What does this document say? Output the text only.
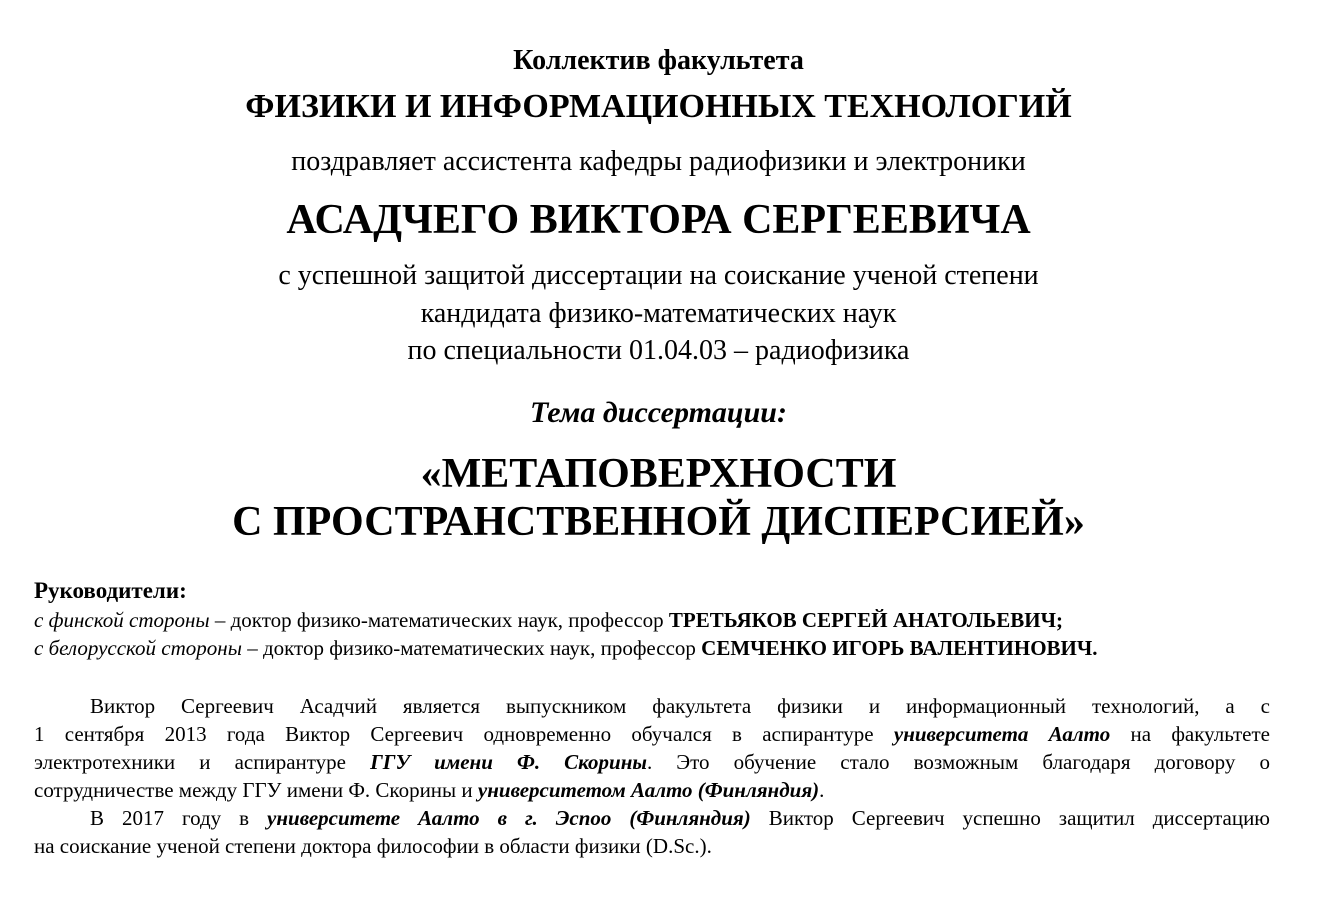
Коллектив факультета
ФИЗИКИ И ИНФОРМАЦИОННЫХ ТЕХНОЛОГИЙ
поздравляет ассистента кафедры радиофизики и электроники
АСАДЧЕГО ВИКТОРА СЕРГЕЕВИЧА
с успешной защитой диссертации на соискание ученой степени
кандидата физико-математических наук
по специальности 01.04.03 – радиофизика
Тема диссертации:
«МЕТАПОВЕРХНОСТИ
С ПРОСТРАНСТВЕННОЙ ДИСПЕРСИЕЙ»
Руководители:
с финской стороны – доктор физико-математических наук, профессор ТРЕТЬЯКОВ СЕРГЕЙ АНАТОЛЬЕВИЧ;
с белорусской стороны – доктор физико-математических наук, профессор СЕМЧЕНКО ИГОРЬ ВАЛЕНТИНОВИЧ.
Виктор Сергеевич Асадчий является выпускником факультета физики и информационный технологий, а с
1 сентября 2013 года Виктор Сергеевич одновременно обучался в аспирантуре университета Аалто на факультете
электротехники и аспирантуре ГГУ имени Ф. Скорины. Это обучение стало возможным благодаря договору о
сотрудничестве между ГГУ имени Ф. Скорины и университетом Аалто (Финляндия).
В 2017 году в университете Аалто в г. Эспоо (Финляндия) Виктор Сергеевич успешно защитил диссертацию
на соискание ученой степени доктора философии в области физики (D.Sc.).
